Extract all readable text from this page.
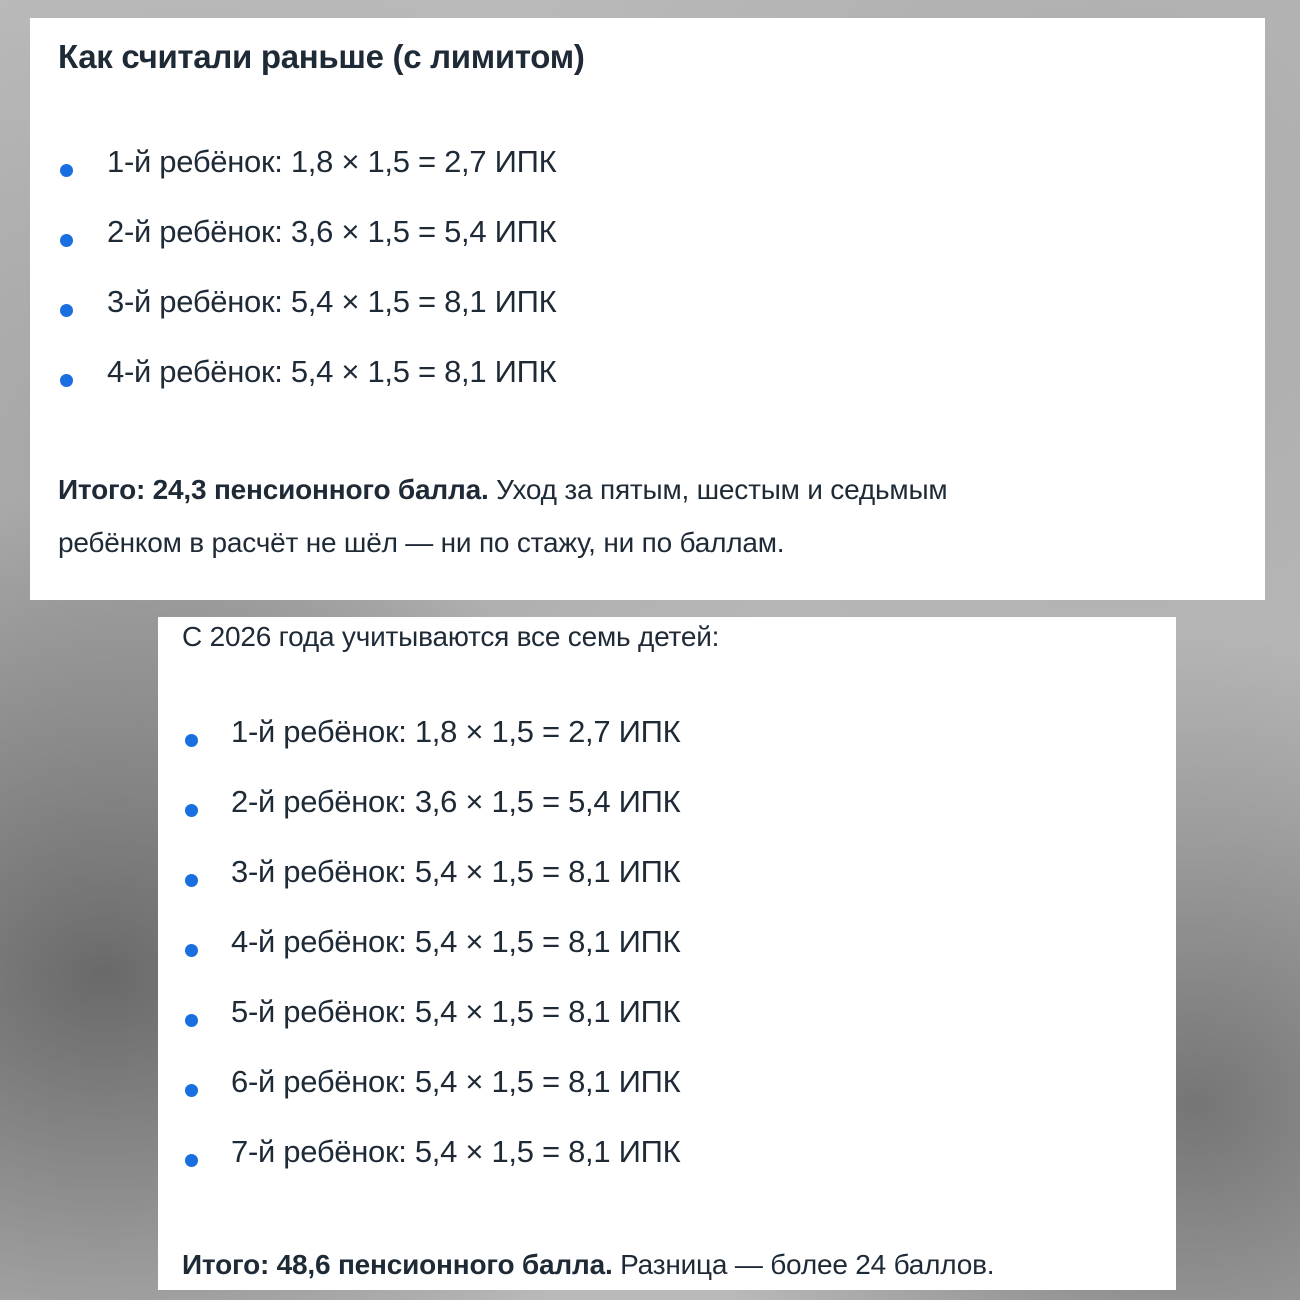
Как считали раньше (с лимитом)
1-й ребёнок: 1,8 × 1,5 = 2,7 ИПК
2-й ребёнок: 3,6 × 1,5 = 5,4 ИПК
3-й ребёнок: 5,4 × 1,5 = 8,1 ИПК
4-й ребёнок: 5,4 × 1,5 = 8,1 ИПК
Итого: 24,3 пенсионного балла. Уход за пятым, шестым и седьмым
ребёнком в расчёт не шёл — ни по стажу, ни по баллам.
С 2026 года учитываются все семь детей:
1-й ребёнок: 1,8 × 1,5 = 2,7 ИПК
2-й ребёнок: 3,6 × 1,5 = 5,4 ИПК
3-й ребёнок: 5,4 × 1,5 = 8,1 ИПК
4-й ребёнок: 5,4 × 1,5 = 8,1 ИПК
5-й ребёнок: 5,4 × 1,5 = 8,1 ИПК
6-й ребёнок: 5,4 × 1,5 = 8,1 ИПК
7-й ребёнок: 5,4 × 1,5 = 8,1 ИПК
Итого: 48,6 пенсионного балла. Разница — более 24 баллов.
